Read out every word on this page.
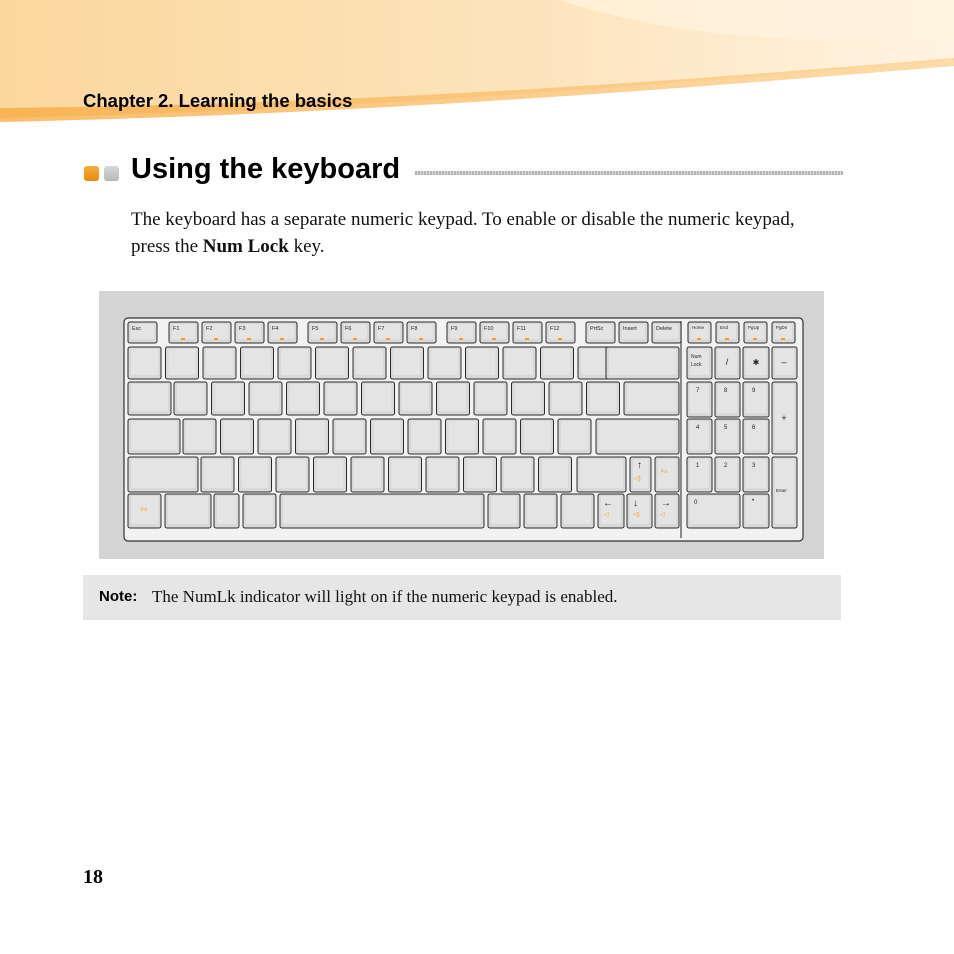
Chapter 2. Learning the basics
Using the keyboard
The keyboard has a separate numeric keypad. To enable or disable the numeric keypad, press the Num Lock key.
Esc	F1	F2	F3	F4	F5	F6	F7	F8	F9	F10	F11	F12	PrtSc	Insert	Delete	Home	End	PgUp	PgDn
Fn
Fn
↑
← ↓ →
◁)
◁	◁)	◁
Num
Lock	/	✱ –
7	8	9
4	5	6
1	2	3
+
0	•
Enter
Note: The NumLk indicator will light on if the numeric keypad is enabled.
18
